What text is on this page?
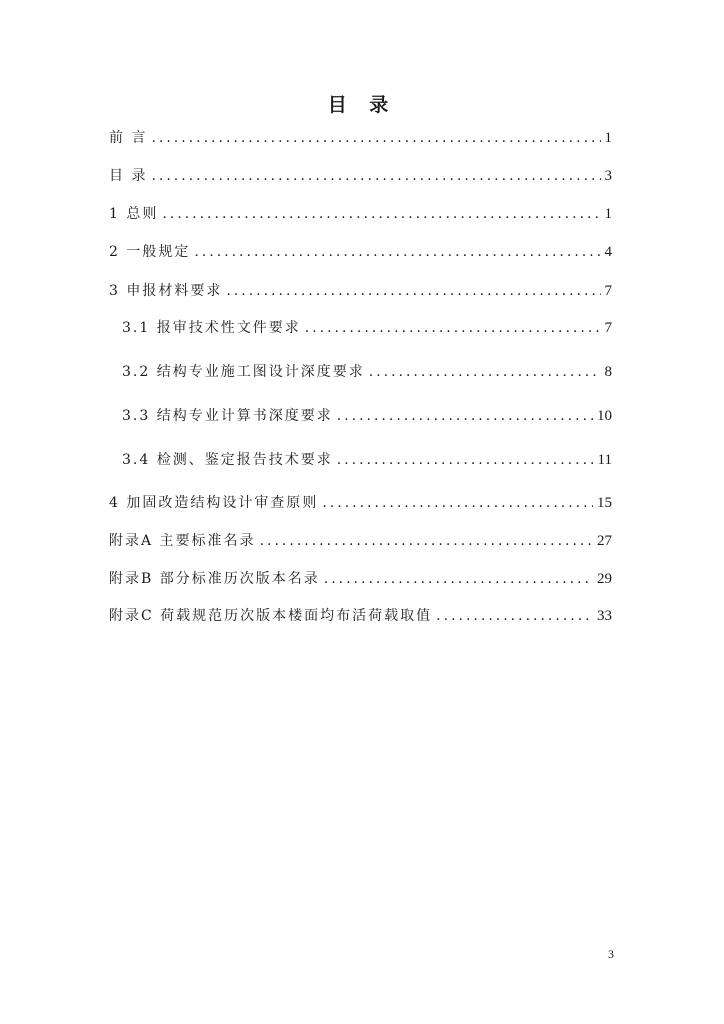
目 录
前 言 .....	1
目 录 .....	3
1 总则 .....	1
2 一般规定 .....	4
3 申报材料要求 .....	7
3.1 报审技术性文件要求 .....	7
3.2 结构专业施工图设计深度要求 .....	8
3.3 结构专业计算书深度要求 .....	10
3.4 检测、鉴定报告技术要求 .....	11
4 加固改造结构设计审查原则 .....	15
附录A 主要标准名录 .....	27
附录B 部分标准历次版本名录 .....	29
附录C 荷载规范历次版本楼面均布活荷载取值 .....	33
3
